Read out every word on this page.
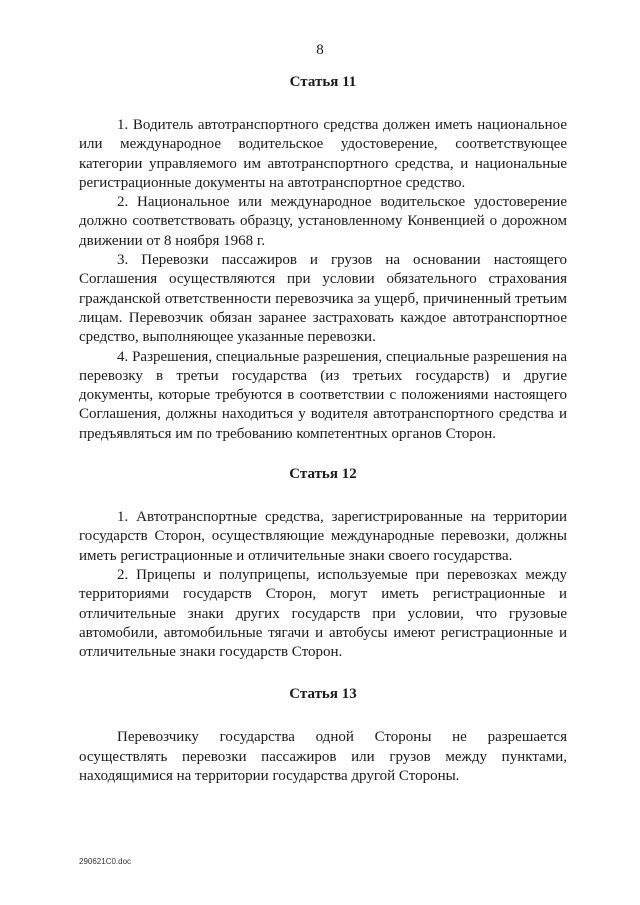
8
Статья 11

1. Водитель автотранспортного средства должен иметь национальное или международное водительское удостоверение, соответствующее категории управляемого им автотранспортного средства, и национальные регистрационные документы на автотранспортное средство.

2. Национальное или международное водительское удостоверение должно соответствовать образцу, установленному Конвенцией о дорожном движении от 8 ноября 1968 г.

3. Перевозки пассажиров и грузов на основании настоящего Соглашения осуществляются при условии обязательного страхования гражданской ответственности перевозчика за ущерб, причиненный третьим лицам. Перевозчик обязан заранее застраховать каждое автотранспортное средство, выполняющее указанные перевозки.

4. Разрешения, специальные разрешения, специальные разрешения на перевозку в третьи государства (из третьих государств) и другие документы, которые требуются в соответствии с положениями настоящего Соглашения, должны находиться у водителя автотранспортного средства и предъявляться им по требованию компетентных органов Сторон.

Статья 12

1. Автотранспортные средства, зарегистрированные на территории государств Сторон, осуществляющие международные перевозки, должны иметь регистрационные и отличительные знаки своего государства.

2. Прицепы и полуприцепы, используемые при перевозках между территориями государств Сторон, могут иметь регистрационные и отличительные знаки других государств при условии, что грузовые автомобили, автомобильные тягачи и автобусы имеют регистрационные и отличительные знаки государств Сторон.

Статья 13

Перевозчику государства одной Стороны не разрешается осуществлять перевозки пассажиров или грузов между пунктами, находящимися на территории государства другой Стороны.

290621C0.doc
